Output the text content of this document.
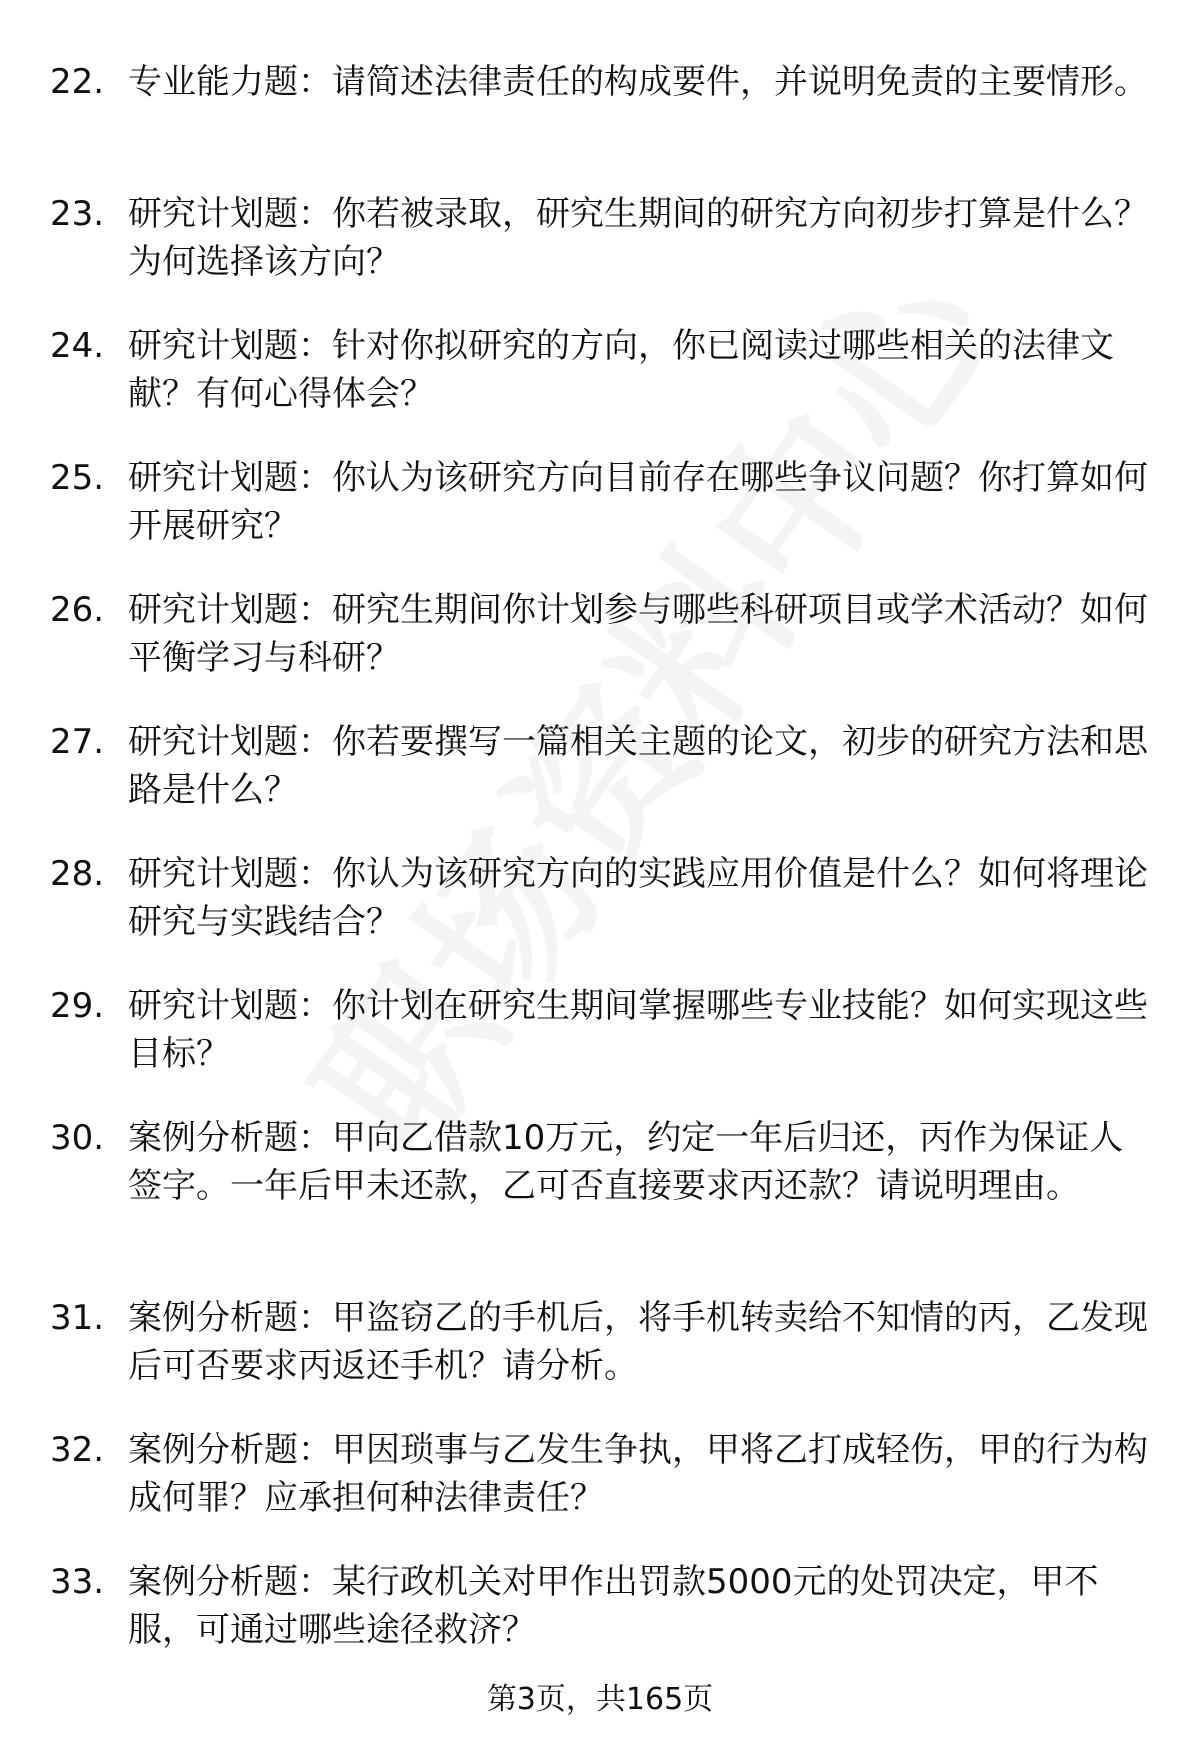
22. 专业能力题：请简述法律责任的构成要件，并说明免责的主要情形。
23. 研究计划题：你若被录取，研究生期间的研究方向初步打算是什么？为何选择该方向？
24. 研究计划题：针对你拟研究的方向，你已阅读过哪些相关的法律文献？有何心得体会？
25. 研究计划题：你认为该研究方向目前存在哪些争议问题？你打算如何开展研究？
26. 研究计划题：研究生期间你计划参与哪些科研项目或学术活动？如何平衡学习与科研？
27. 研究计划题：你若要撰写一篇相关主题的论文，初步的研究方法和思路是什么？
28. 研究计划题：你认为该研究方向的实践应用价值是什么？如何将理论研究与实践结合？
29. 研究计划题：你计划在研究生期间掌握哪些专业技能？如何实现这些目标？
30. 案例分析题：甲向乙借款10万元，约定一年后归还，丙作为保证人签字。一年后甲未还款，乙可否直接要求丙还款？请说明理由。
31. 案例分析题：甲盗窃乙的手机后，将手机转卖给不知情的丙，乙发现后可否要求丙返还手机？请分析。
32. 案例分析题：甲因琐事与乙发生争执，甲将乙打成轻伤，甲的行为构成何罪？应承担何种法律责任？
33. 案例分析题：某行政机关对甲作出罚款5000元的处罚决定，甲不服，可通过哪些途径救济？
第3页，共165页
